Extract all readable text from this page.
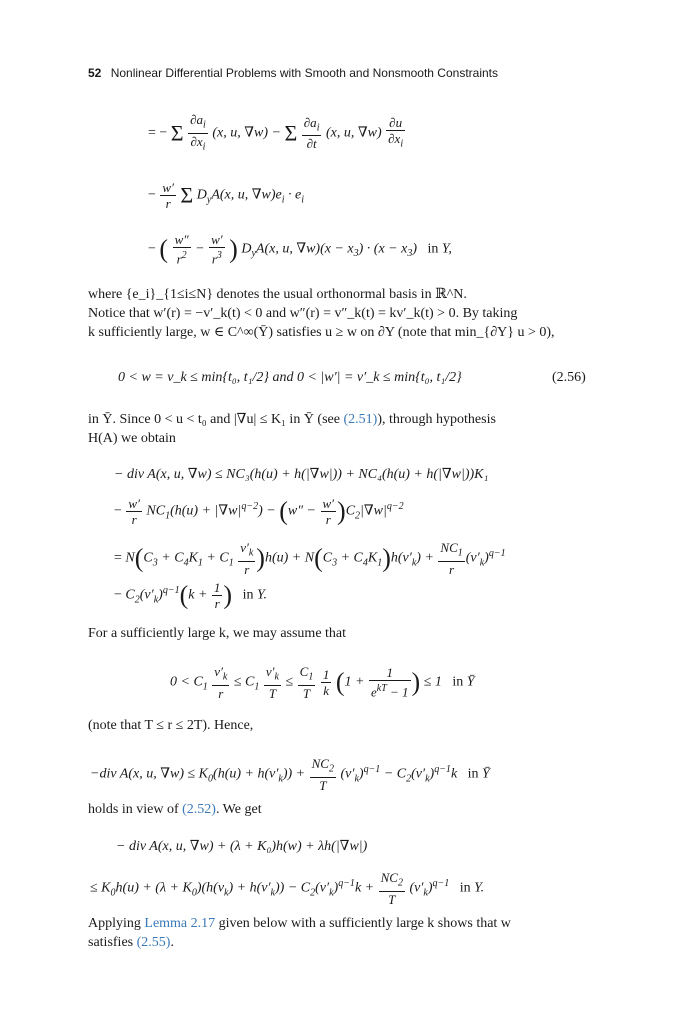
52 Nonlinear Differential Problems with Smooth and Nonsmooth Constraints
= − Σ $\frac{\partial a_i}{\partial x_i} (x$, u, ∇w) − Σ $\frac{\partial a_i}{\partial t} (x$, u, $\nabla w) \frac{\partial u}{\partial x_i}$
− $\frac{w'}{r}$ Σ $D_yA(x$, u, $\nabla w)e_i \cdot e_i$
− ( $\frac{w''}{r^2} - \frac{w'}{r^3}$ ) $D_yA(x$, u, $\nabla w)(x - x_3) \cdot (x - x_3)$   in Y,
where {e_i}_{1≤i≤N} denotes the usual orthonormal basis in ℝ^N.
Notice that w′(r) = −v′_k(t) < 0 and w″(r) = v″_k(t) = kv′_k(t) > 0. By taking
k sufficiently large, w ∈ C^∞(Ȳ) satisfies u ≥ w on ∂Y (note that min_{∂Y} u > 0),
0 < w = v_k ≤ min{t₀, t₁/2} and 0 < |w′| = v′_k ≤ min{t₀, t₁/2}	(2.56)
in Ȳ. Since 0 < u < t₀ and |∇u| ≤ K₁ in Ȳ (see (2.51)), through hypothesis
H(A) we obtain
− div A(x, u, ∇w) ≤ NC₃(h(u) + h(|∇w|)) + NC₄(h(u) + h(|∇w|))K₁
− $\frac{w'}{r} NC_1(h(u) + |\nabla w|^{q-2}) - (w'' - \frac{w'}{r} )C_2|\nabla w|^{q-2}$
= $N(C_3 + C_4K_1 + C_1 \frac{v'_k}{r} )h(u) + N(C_3 + C_4K_1)h(v'_k) + \frac{NC_1}{r} (v'_k)^{q-1}$
− $C_2(v'_k)^{q-1}(k + \frac{1}{r}$ )   in Y.
For a sufficiently large k, we may assume that
$0 < C_1 \frac{v'_k}{r} \le C_1 \frac{v'_k}{T} \le \frac{C_1}{T}$
$\frac{1}{k} (1 + \frac{1}{e^{kT} - 1}$ ) ≤ 1   in Ȳ
(note that T ≤ r ≤ 2T). Hence,
−div A(x, u, $\nabla w) \le K_0(h(u) + h(v'_k)) + \frac{NC_2}{T} (v'_k)^{q-1} - C_2(v'_k)^{q-1}k$   in Ȳ
holds in view of (2.52). We get
− div A(x, u, ∇w) + (λ + K₀)h(w) + λh(|∇w|)
≤ $K_0h(u) + (\lambda + K_0)(h(v_k) + h(v'_k)) - C_2(v'_k)^{q-1}k + \frac{NC_2}{T} (v'_k)^{q-1}$   in Y.
Applying Lemma 2.17 given below with a sufficiently large k shows that w
satisfies (2.55).
